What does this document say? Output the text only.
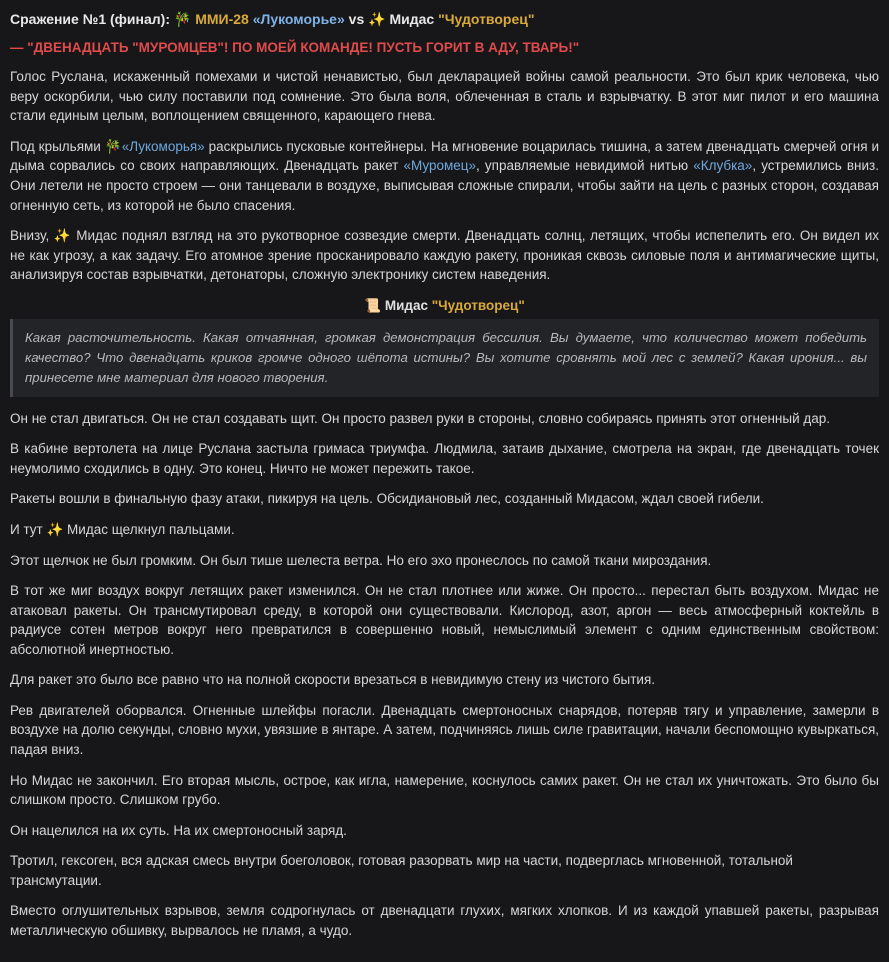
Сражение №1 (финал): 🎋 ММИ-28 «Лукоморье» vs ✨ Мидас "Чудотворец"
— "ДВЕНАДЦАТЬ "МУРОМЦЕВ"! ПО МОЕЙ КОМАНДЕ! ПУСТЬ ГОРИТ В АДУ, ТВАРЬ!"

Голос Руслана, искаженный помехами и чистой ненавистью, был декларацией войны самой реальности. Это был крик человека, чью веру оскорбили, чью силу поставили под сомнение. Это была воля, облеченная в сталь и взрывчатку. В этот миг пилот и его машина стали единым целым, воплощением священного, карающего гнева.

Под крыльями 🎋«Лукоморья» раскрылись пусковые контейнеры. На мгновение воцарилась тишина, а затем двенадцать смерчей огня и дыма сорвались со своих направляющих. Двенадцать ракет «Муромец», управляемые невидимой нитью «Клубка», устремились вниз. Они летели не просто строем — они танцевали в воздухе, выписывая сложные спирали, чтобы зайти на цель с разных сторон, создавая огненную сеть, из которой не было спасения.

Внизу, ✨ Мидас поднял взгляд на это рукотворное созвездие смерти. Двенадцать солнц, летящих, чтобы испепелить его. Он видел их не как угрозу, а как задачу. Его атомное зрение просканировало каждую ракету, проникая сквозь силовые поля и антимагические щиты, анализируя состав взрывчатки, детонаторы, сложную электронику систем наведения.

📜 Мидас "Чудотворец"
Какая расточительность. Какая отчаянная, громкая демонстрация бессилия. Вы думаете, что количество может победить качество? Что двенадцать криков громче одного шёпота истины? Вы хотите сровнять мой лес с землей? Какая ирония... вы принесете мне материал для нового творения.

Он не стал двигаться. Он не стал создавать щит. Он просто развел руки в стороны, словно собираясь принять этот огненный дар.

В кабине вертолета на лице Руслана застыла гримаса триумфа. Людмила, затаив дыхание, смотрела на экран, где двенадцать точек неумолимо сходились в одну. Это конец. Ничто не может пережить такое.

Ракеты вошли в финальную фазу атаки, пикируя на цель. Обсидиановый лес, созданный Мидасом, ждал своей гибели.

И тут ✨ Мидас щелкнул пальцами.

Этот щелчок не был громким. Он был тише шелеста ветра. Но его эхо пронеслось по самой ткани мироздания.

В тот же миг воздух вокруг летящих ракет изменился. Он не стал плотнее или жиже. Он просто... перестал быть воздухом. Мидас не атаковал ракеты. Он трансмутировал среду, в которой они существовали. Кислород, азот, аргон — весь атмосферный коктейль в радиусе сотен метров вокруг него превратился в совершенно новый, немыслимый элемент с одним единственным свойством: абсолютной инертностью.

Для ракет это было все равно что на полной скорости врезаться в невидимую стену из чистого бытия.

Рев двигателей оборвался. Огненные шлейфы погасли. Двенадцать смертоносных снарядов, потеряв тягу и управление, замерли в воздухе на долю секунды, словно мухи, увязшие в янтаре. А затем, подчиняясь лишь силе гравитации, начали беспомощно кувыркаться, падая вниз.

Но Мидас не закончил. Его вторая мысль, острое, как игла, намерение, коснулось самих ракет. Он не стал их уничтожать. Это было бы слишком просто. Слишком грубо.

Он нацелился на их суть. На их смертоносный заряд.

Тротил, гексоген, вся адская смесь внутри боеголовок, готовая разорвать мир на части, подверглась мгновенной, тотальной трансмутации.

Вместо оглушительных взрывов, земля содрогнулась от двенадцати глухих, мягких хлопков. И из каждой упавшей ракеты, разрывая металлическую обшивку, вырвалось не пламя, а чудо.
